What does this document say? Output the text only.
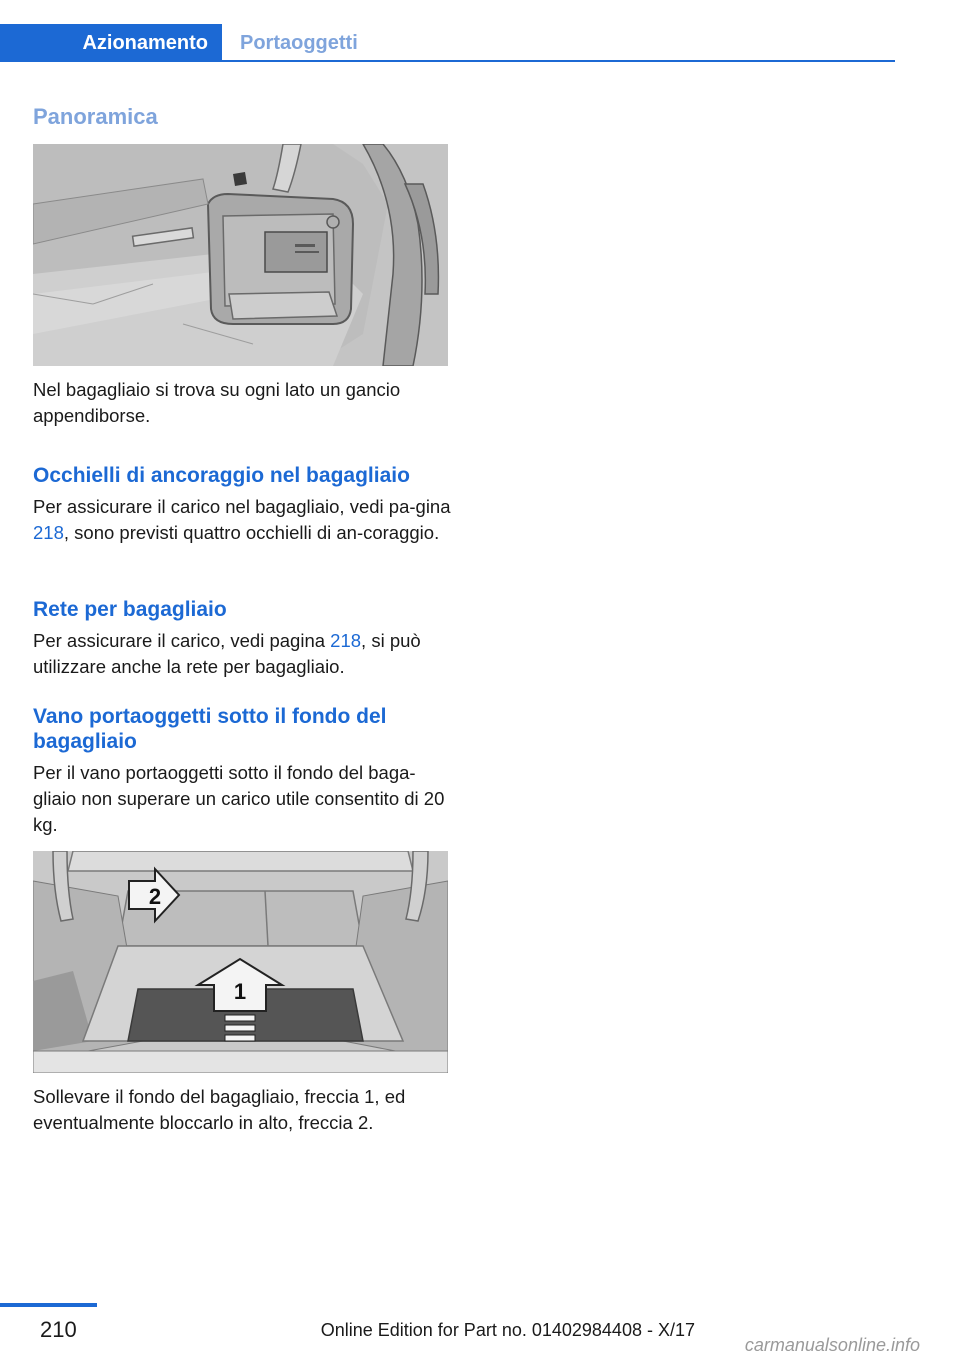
Azionamento	Portaoggetti
Panoramica

Nel bagagliaio si trova su ogni lato un gancio appendiborse.

Occhielli di ancoraggio nel bagagliaio

Per assicurare il carico nel bagagliaio, vedi pa-gina 218, sono previsti quattro occhielli di an-coraggio.

Rete per bagagliaio

Per assicurare il carico, vedi pagina 218, si può utilizzare anche la rete per bagagliaio.

Vano portaoggetti sotto il fondo del bagagliaio

Per il vano portaoggetti sotto il fondo del baga-gliaio non superare un carico utile consentito di 20 kg.

2
1

Sollevare il fondo del bagagliaio, freccia 1, ed eventualmente bloccarlo in alto, freccia 2.

210	Online Edition for Part no. 01402984408 - X/17
carmanualsonline.info
